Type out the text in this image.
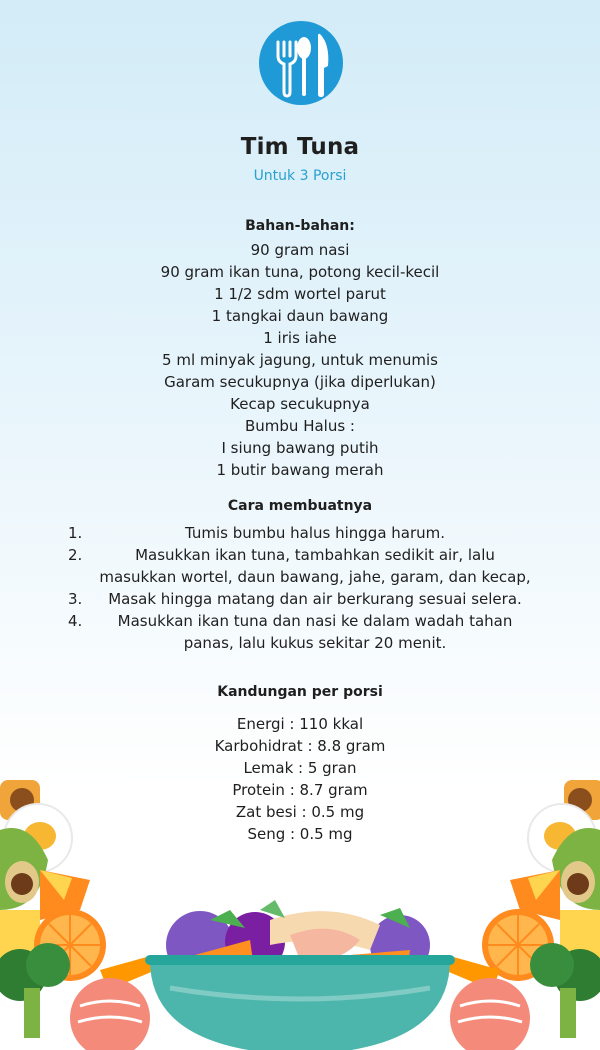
Tim Tuna
Untuk 3 Porsi
Bahan-bahan:
90 gram nasi
90 gram ikan tuna, potong kecil-kecil
1 1/2 sdm wortel parut
1 tangkai daun bawang
1 iris iahe
5 ml minyak jagung, untuk menumis
Garam secukupnya (jika diperlukan)
Kecap secukupnya
Bumbu Halus :
I siung bawang putih
1 butir bawang merah
Cara membuatnya
1.	Tumis bumbu halus hingga harum.
2.	Masukkan ikan tuna, tambahkan sedikit air, lalu
masukkan wortel, daun bawang, jahe, garam, dan kecap,
3.	Masak hingga matang dan air berkurang sesuai selera.
4.	Masukkan ikan tuna dan nasi ke dalam wadah tahan
panas, lalu kukus sekitar 20 menit.
Kandungan per porsi
Energi : 110 kkal
Karbohidrat : 8.8 gram
Lemak : 5 gran
Protein : 8.7 gram
Zat besi : 0.5 mg
Seng : 0.5 mg
